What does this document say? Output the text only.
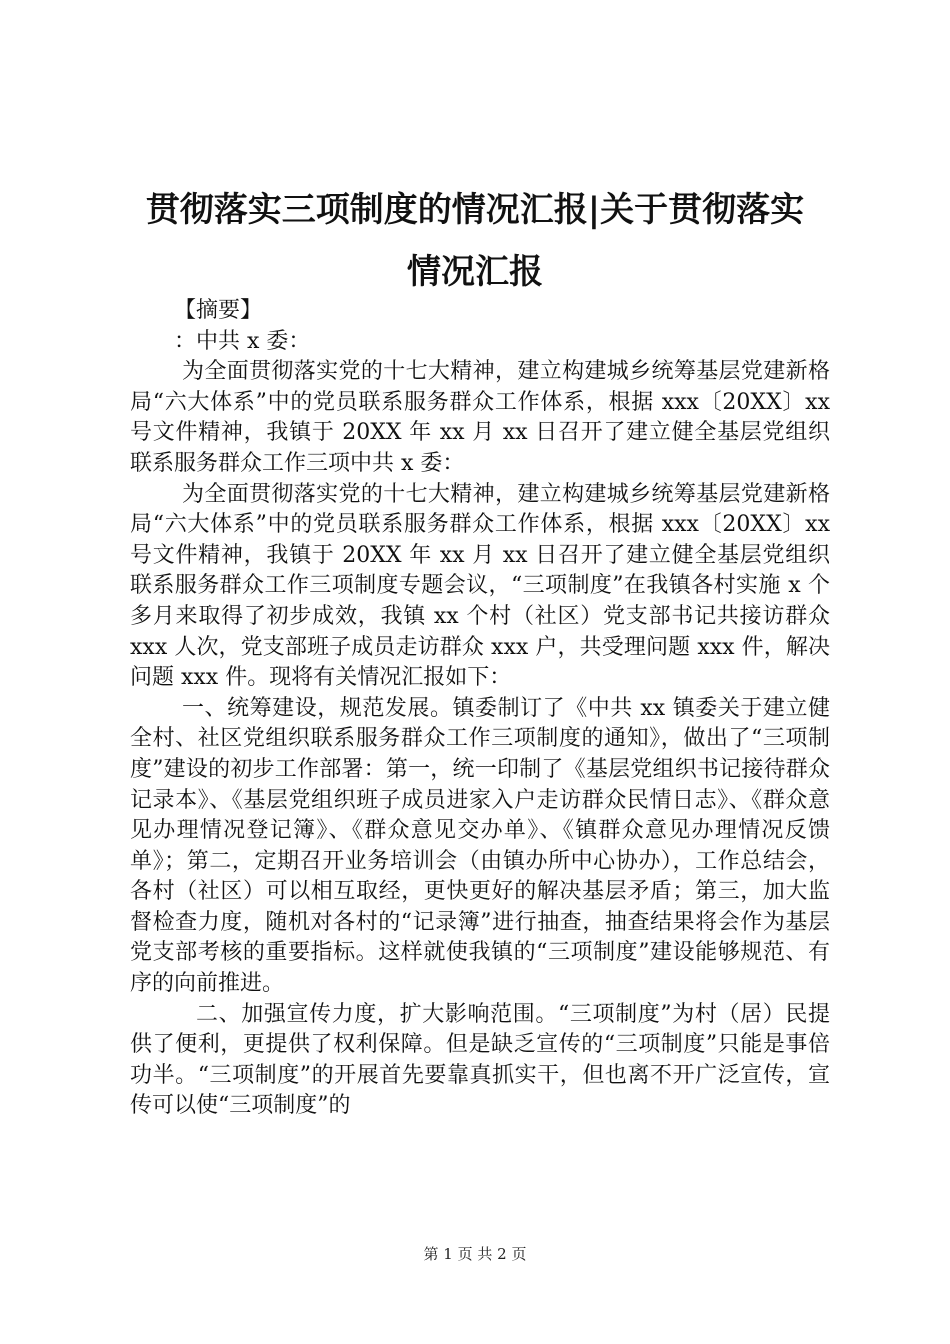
贯彻落实三项制度的情况汇报|关于贯彻落实
情况汇报

【摘要】

：中共 x 委：

为全面贯彻落实党的十七大精神，建立构建城乡统筹基层党建新格局“六大体系”中的党员联系服务群众工作体系，根据 xxx〔20XX〕xx 号文件精神，我镇于 20XX 年 xx 月 xx 日召开了建立健全基层党组织联系服务群众工作三项中共 x 委：

为全面贯彻落实党的十七大精神，建立构建城乡统筹基层党建新格局“六大体系”中的党员联系服务群众工作体系，根据 xxx〔20XX〕xx 号文件精神，我镇于 20XX 年 xx 月 xx 日召开了建立健全基层党组织联系服务群众工作三项制度专题会议，“三项制度”在我镇各村实施 x 个多月来取得了初步成效，我镇 xx 个村（社区）党支部书记共接访群众 xxx 人次，党支部班子成员走访群众 xxx 户，共受理问题 xxx 件，解决问题 xxx 件。现将有关情况汇报如下：

一、统筹建设，规范发展。镇委制订了《中共 xx 镇委关于建立健全村、社区党组织联系服务群众工作三项制度的通知》，做出了“三项制度”建设的初步工作部署：第一，统一印制了《基层党组织书记接待群众记录本》、《基层党组织班子成员进家入户走访群众民情日志》、《群众意见办理情况登记簿》、《群众意见交办单》、《镇群众意见办理情况反馈单》；第二，定期召开业务培训会（由镇办所中心协办），工作总结会，各村（社区）可以相互取经，更快更好的解决基层矛盾；第三，加大监督检查力度，随机对各村的“记录簿”进行抽查，抽查结果将会作为基层党支部考核的重要指标。这样就使我镇的“三项制度”建设能够规范、有序的向前推进。

二、加强宣传力度，扩大影响范围。“三项制度”为村（居）民提供了便利，更提供了权利保障。但是缺乏宣传的“三项制度”只能是事倍功半。“三项制度”的开展首先要靠真抓实干，但也离不开广泛宣传，宣传可以使“三项制度”的

第 1 页 共 2 页
